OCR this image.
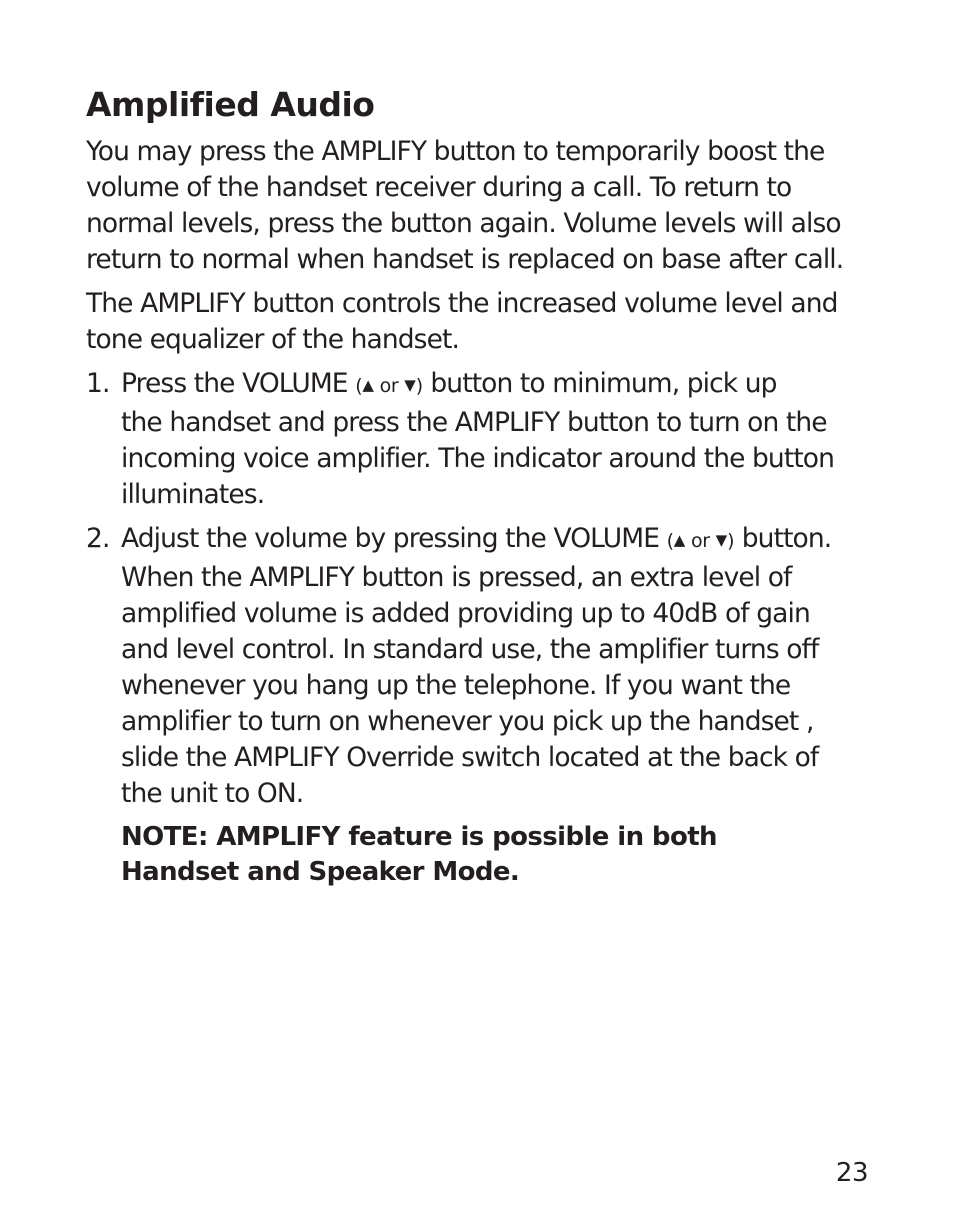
Amplified Audio

You may press the AMPLIFY button to temporarily boost the
volume of the handset receiver during a call. To return to
normal levels, press the button again. Volume levels will also
return to normal when handset is replaced on base after call.

The AMPLIFY button controls the increased volume level and
tone equalizer of the handset.

1. Press the VOLUME (▲ or ▼) button to minimum, pick up
the handset and press the AMPLIFY button to turn on the
incoming voice amplifier. The indicator around the button
illuminates.
2. Adjust the volume by pressing the VOLUME (▲ or ▼) button.
When the AMPLIFY button is pressed, an extra level of
amplified volume is added providing up to 40dB of gain
and level control. In standard use, the amplifier turns off
whenever you hang up the telephone. If you want the
amplifier to turn on whenever you pick up the handset ,
slide the AMPLIFY Override switch located at the back of
the unit to ON.

NOTE: AMPLIFY feature is possible in both
Handset and Speaker Mode.

23
